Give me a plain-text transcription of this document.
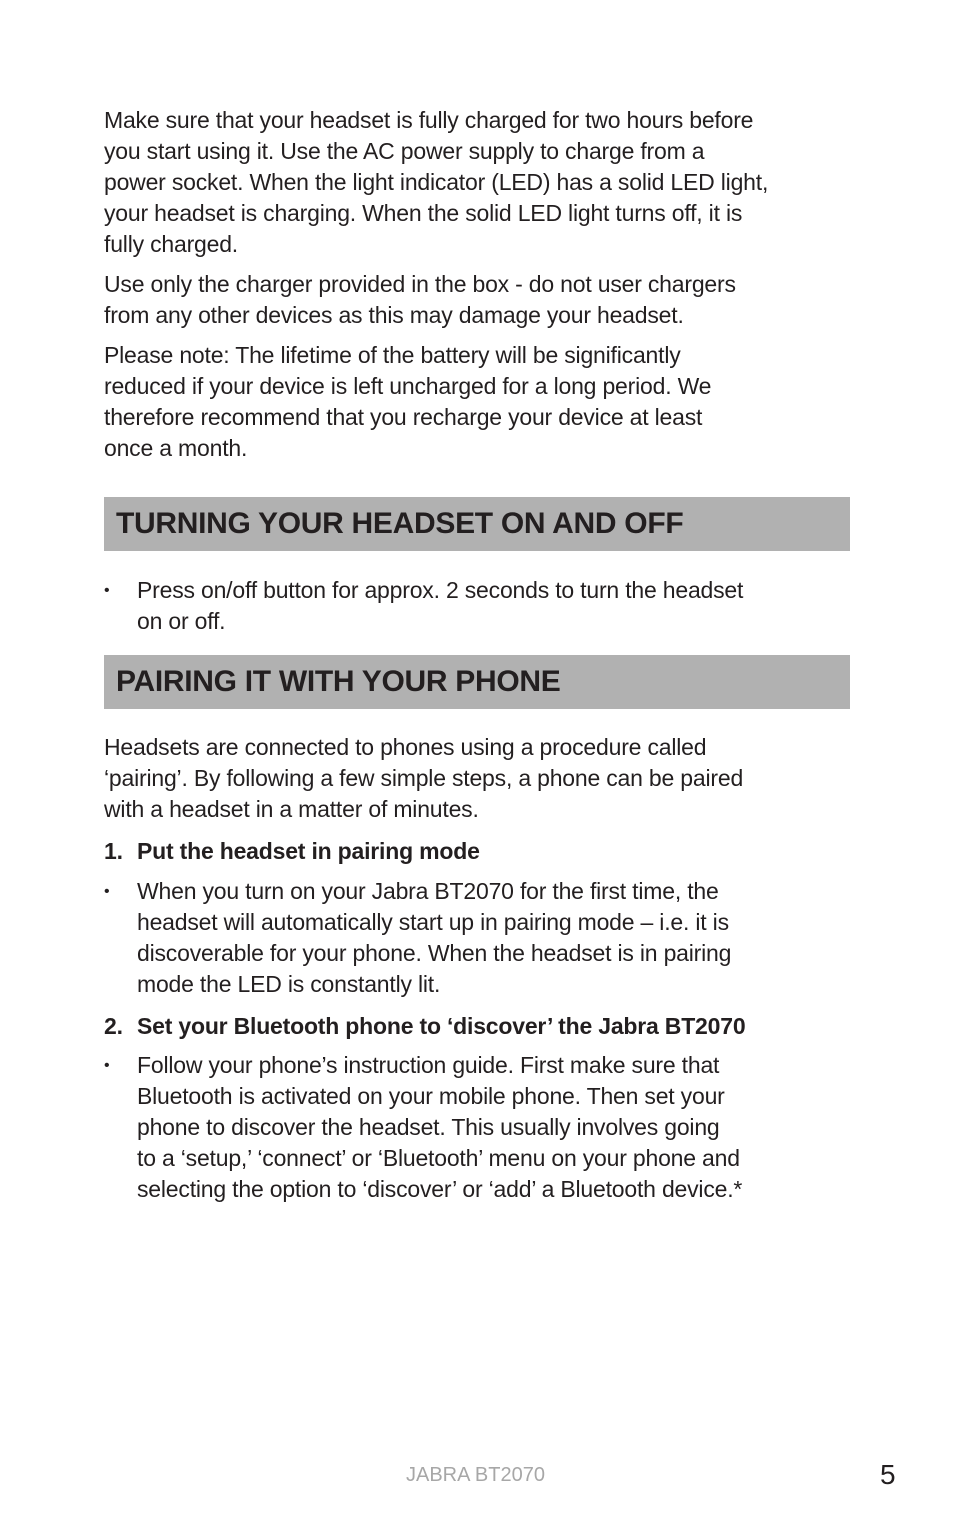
Make sure that your headset is fully charged for two hours before
you start using it. Use the AC power supply to charge from a
power socket. When the light indicator (LED) has a solid LED light,
your headset is charging. When the solid LED light turns off, it is
fully charged.
Use only the charger provided in the box - do not user chargers
from any other devices as this may damage your headset.
Please note: The lifetime of the battery will be significantly
reduced if your device is left uncharged for a long period. We
therefore recommend that you recharge your device at least
once a month.
TURNING YOUR HEADSET ON AND OFF
• Press on/off button for approx. 2 seconds to turn the headset
on or off.
PAIRING IT WITH YOUR PHONE
Headsets are connected to phones using a procedure called
‘pairing’. By following a few simple steps, a phone can be paired
with a headset in a matter of minutes.
1. Put the headset in pairing mode
• When you turn on your Jabra BT2070 for the first time, the
headset will automatically start up in pairing mode – i.e. it is
discoverable for your phone. When the headset is in pairing
mode the LED is constantly lit.
2. Set your Bluetooth phone to ‘discover’ the Jabra BT2070
• Follow your phone’s instruction guide. First make sure that
Bluetooth is activated on your mobile phone. Then set your
phone to discover the headset. This usually involves going
to a ‘setup,’ ‘connect’ or ‘Bluetooth’ menu on your phone and
selecting the option to ‘discover’ or ‘add’ a Bluetooth device.*
JABRA BT2070	5
